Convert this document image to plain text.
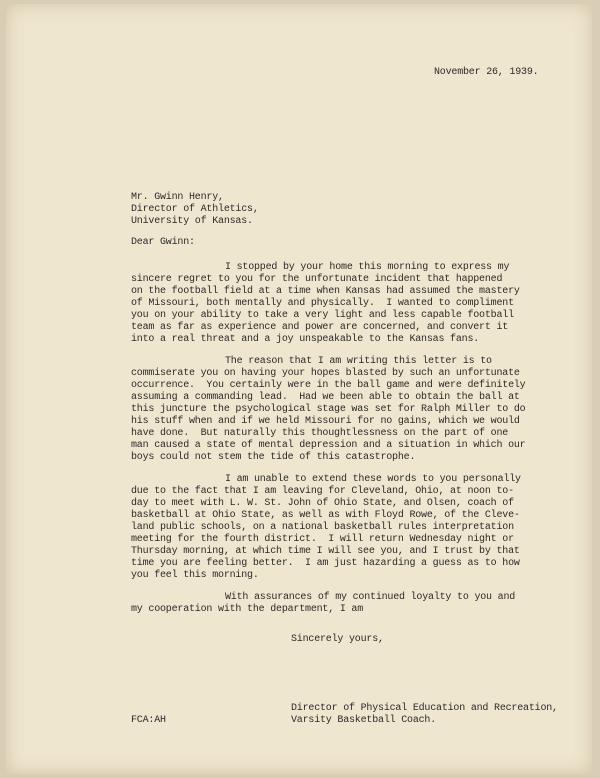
November 26, 1939.
Mr. Gwinn Henry,
Director of Athletics,
University of Kansas.
Dear Gwinn:
I stopped by your home this morning to express my
sincere regret to you for the unfortunate incident that happened
on the football field at a time when Kansas had assumed the mastery
of Missouri, both mentally and physically.  I wanted to compliment
you on your ability to take a very light and less capable football
team as far as experience and power are concerned, and convert it
into a real threat and a joy unspeakable to the Kansas fans.
The reason that I am writing this letter is to
commiserate you on having your hopes blasted by such an unfortunate
occurrence.  You certainly were in the ball game and were definitely
assuming a commanding lead.  Had we been able to obtain the ball at
this juncture the psychological stage was set for Ralph Miller to do
his stuff when and if we held Missouri for no gains, which we would
have done.  But naturally this thoughtlessness on the part of one
man caused a state of mental depression and a situation in which our
boys could not stem the tide of this catastrophe.
I am unable to extend these words to you personally
due to the fact that I am leaving for Cleveland, Ohio, at noon to-
day to meet with L. W. St. John of Ohio State, and Olsen, coach of
basketball at Ohio State, as well as with Floyd Rowe, of the Cleve-
land public schools, on a national basketball rules interpretation
meeting for the fourth district.  I will return Wednesday night or
Thursday morning, at which time I will see you, and I trust by that
time you are feeling better.  I am just hazarding a guess as to how
you feel this morning.
With assurances of my continued loyalty to you and
my cooperation with the department, I am
Sincerely yours,
Director of Physical Education and Recreation,
Varsity Basketball Coach.
FCA:AH
